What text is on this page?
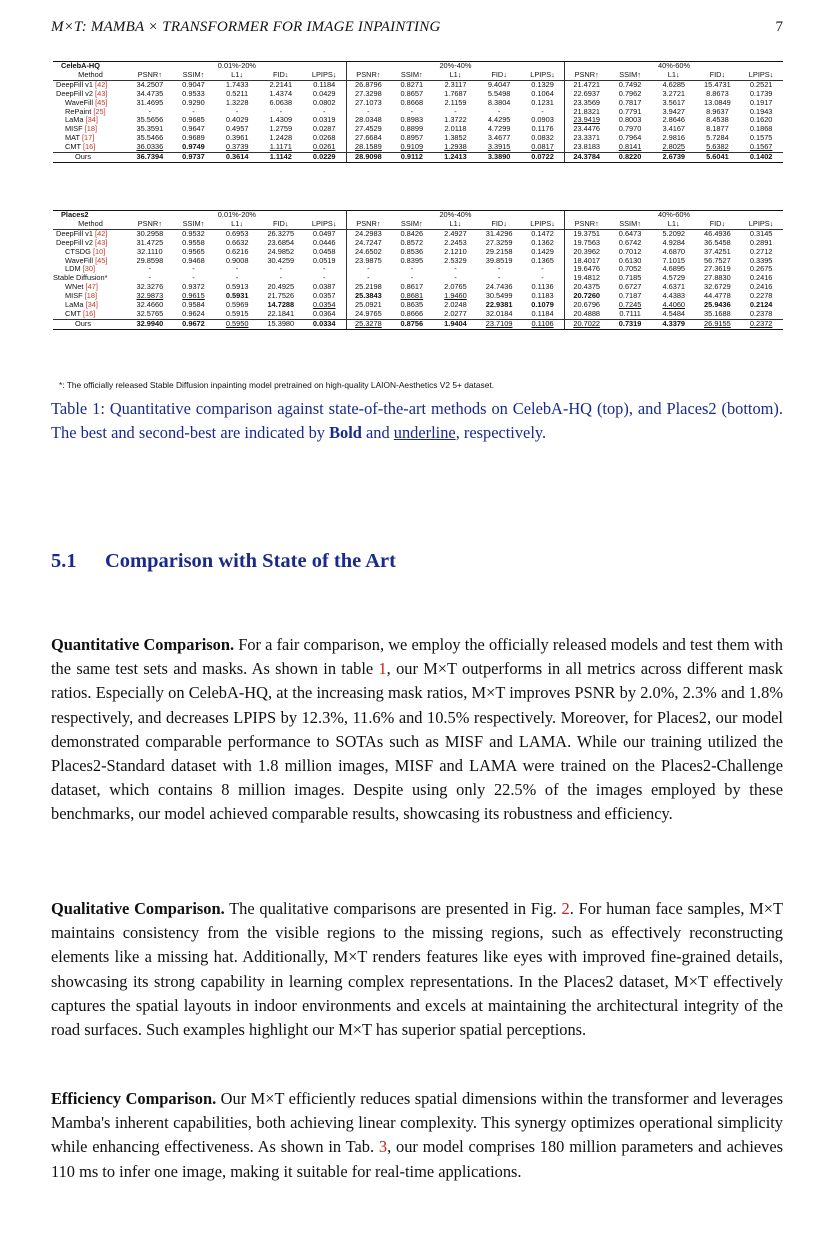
M×T: MAMBA × TRANSFORMER FOR IMAGE INPAINTING	7
CelebA-HQ	0.01%-20%					20%-40%					40%-60%				
Method	PSNR↑	SSIM↑	L1↓	FID↓	LPIPS↓	PSNR↑	SSIM↑	L1↓	FID↓	LPIPS↓	PSNR↑	SSIM↑	L1↓	FID↓	LPIPS↓
DeepFill v1 [42]	34.2507	0.9047	1.7433	2.2141	0.1184	26.8796	0.8271	2.3117	9.4047	0.1329	21.4721	0.7492	4.6285	15.4731	0.2521
DeepFill v2 [43]	34.4735	0.9533	0.5211	1.4374	0.0429	27.3298	0.8657	1.7687	5.5498	0.1064	22.6937	0.7962	3.2721	8.8673	0.1739
WaveFill [45]	31.4695	0.9290	1.3228	6.0638	0.0802	27.1073	0.8668	2.1159	8.3804	0.1231	23.3569	0.7817	3.5617	13.0849	0.1917
RePaint [25]	-	-	-	-	-	-	-	-	-	-	21.8321	0.7791	3.9427	8.9637	0.1943
LaMa [34]	35.5656	0.9685	0.4029	1.4309	0.0319	28.0348	0.8983	1.3722	4.4295	0.0903	23.9419	0.8003	2.8646	8.4538	0.1620
MISF [18]	35.3591	0.9647	0.4957	1.2759	0.0287	27.4529	0.8899	2.0118	4.7299	0.1176	23.4476	0.7970	3.4167	8.1877	0.1868
MAT [17]	35.5466	0.9689	0.3961	1.2428	0.0268	27.6684	0.8957	1.3852	3.4677	0.0832	23.3371	0.7964	2.9816	5.7284	0.1575
CMT [16]	36.0336	0.9749	0.3739	1.1171	0.0261	28.1589	0.9109	1.2938	3.3915	0.0817	23.8183	0.8141	2.8025	5.6382	0.1567
Ours	36.7394	0.9737	0.3614	1.1142	0.0229	28.9098	0.9112	1.2413	3.3890	0.0722	24.3784	0.8220	2.6739	5.6041	0.1402
Places2	0.01%-20%					20%-40%					40%-60%				
Method	PSNR↑	SSIM↑	L1↓	FID↓	LPIPS↓	PSNR↑	SSIM↑	L1↓	FID↓	LPIPS↓	PSNR↑	SSIM↑	L1↓	FID↓	LPIPS↓
DeepFill v1 [42]	30.2958	0.9532	0.6953	26.3275	0.0497	24.2983	0.8426	2.4927	31.4296	0.1472	19.3751	0.6473	5.2092	46.4936	0.3145
DeepFill v2 [43]	31.4725	0.9558	0.6632	23.6854	0.0446	24.7247	0.8572	2.2453	27.3259	0.1362	19.7563	0.6742	4.9284	36.5458	0.2891
CTSDG [10]	32.1110	0.9565	0.6216	24.9852	0.0458	24.6502	0.8536	2.1210	29.2158	0.1429	20.3962	0.7012	4.6870	37.4251	0.2712
WaveFill [45]	29.8598	0.9468	0.9008	30.4259	0.0519	23.9875	0.8395	2.5329	39.8519	0.1365	18.4017	0.6130	7.1015	56.7527	0.3395
LDM [30]	-	-	-	-	-	-	-	-	-	-	19.6476	0.7052	4.6895	27.3619	0.2675
Stable Diffusion*	-	-	-	-	-	-	-	-	-	-	19.4812	0.7185	4.5729	27.8830	0.2416
WNet [47]	32.3276	0.9372	0.5913	20.4925	0.0387	25.2198	0.8617	2.0765	24.7436	0.1136	20.4375	0.6727	4.6371	32.6729	0.2416
MISF [18]	32.9873	0.9615	0.5931	21.7526	0.0357	25.3843	0.8681	1.9460	30.5499	0.1183	20.7260	0.7187	4.4383	44.4778	0.2278
LaMa [34]	32.4660	0.9584	0.5969	14.7288	0.0354	25.0921	0.8635	2.0248	22.9381	0.1079	20.6796	0.7245	4.4060	25.9436	0.2124
CMT [16]	32.5765	0.9624	0.5915	22.1841	0.0364	24.9765	0.8666	2.0277	32.0184	0.1184	20.4888	0.7111	4.5484	35.1688	0.2378
Ours	32.9940	0.9672	0.5950	15.3980	0.0334	25.3278	0.8756	1.9404	23.7109	0.1106	20.7022	0.7319	4.3379	26.9155	0.2372
*: The officially released Stable Diffusion inpainting model pretrained on high-quality LAION-Aesthetics V2 5+ dataset.
Table 1: Quantitative comparison against state-of-the-art methods on CelebA-HQ (top), and Places2 (bottom). The best and second-best are indicated by Bold and underline, respectively.
5.1 Comparison with State of the Art
Quantitative Comparison. For a fair comparison, we employ the officially released models and test them with the same test sets and masks. As shown in table 1, our M×T outperforms in all metrics across different mask ratios. Especially on CelebA-HQ, at the increasing mask ratios, M×T improves PSNR by 2.0%, 2.3% and 1.8% respectively, and decreases LPIPS by 12.3%, 11.6% and 10.5% respectively. Moreover, for Places2, our model demonstrated comparable performance to SOTAs such as MISF and LAMA. While our training utilized the Places2-Standard dataset with 1.8 million images, MISF and LAMA were trained on the Places2-Challenge dataset, which contains 8 million images. Despite using only 22.5% of the images employed by these benchmarks, our model achieved comparable results, showcasing its robustness and efficiency.
Qualitative Comparison. The qualitative comparisons are presented in Fig. 2. For human face samples, M×T maintains consistency from the visible regions to the missing regions, such as effectively reconstructing elements like a missing hat. Additionally, M×T renders features like eyes with improved fine-grained details, showcasing its strong capability in learning complex representations. In the Places2 dataset, M×T effectively captures the spatial layouts in indoor environments and excels at maintaining the architectural integrity of the road surfaces. Such examples highlight our M×T has superior spatial perceptions.
Efficiency Comparison. Our M×T efficiently reduces spatial dimensions within the transformer and leverages Mamba's inherent capabilities, both achieving linear complexity. This synergy optimizes operational simplicity while enhancing effectiveness. As shown in Tab. 3, our model comprises 180 million parameters and achieves 110 ms to infer one image, making it suitable for real-time applications.
